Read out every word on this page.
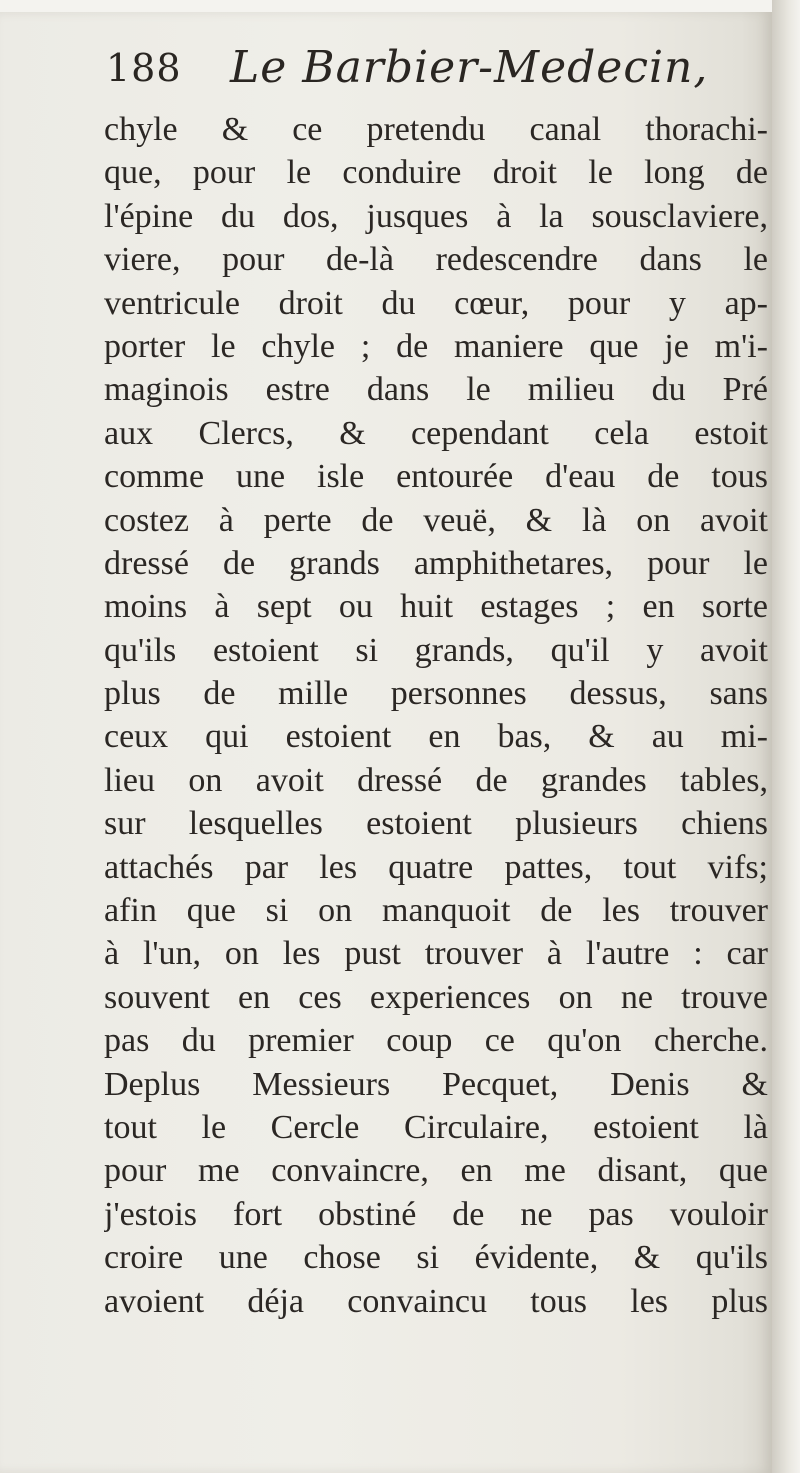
188 Le Barbier-Medecin,
chyle & ce pretendu canal thorachi-
que, pour le conduire droit le long de
l'épine du dos, jusques à la sousclaviere,
viere, pour de-là redescendre dans le
ventricule droit du cœur, pour y ap-
porter le chyle ; de maniere que je m'i-
maginois estre dans le milieu du Pré
aux Clercs, & cependant cela estoit
comme une isle entourée d'eau de tous
costez à perte de veuë, & là on avoit
dressé de grands amphithetares, pour le
moins à sept ou huit estages ; en sorte
qu'ils estoient si grands, qu'il y avoit
plus de mille personnes dessus, sans
ceux qui estoient en bas, & au mi-
lieu on avoit dressé de grandes tables,
sur lesquelles estoient plusieurs chiens
attachés par les quatre pattes, tout vifs;
afin que si on manquoit de les trouver
à l'un, on les pust trouver à l'autre : car
souvent en ces experiences on ne trouve
pas du premier coup ce qu'on cherche.
Deplus Messieurs Pecquet, Denis &
tout le Cercle Circulaire, estoient là
pour me convaincre, en me disant, que
j'estois fort obstiné de ne pas vouloir
croire une chose si évidente, & qu'ils
avoient déja convaincu tous les plus
